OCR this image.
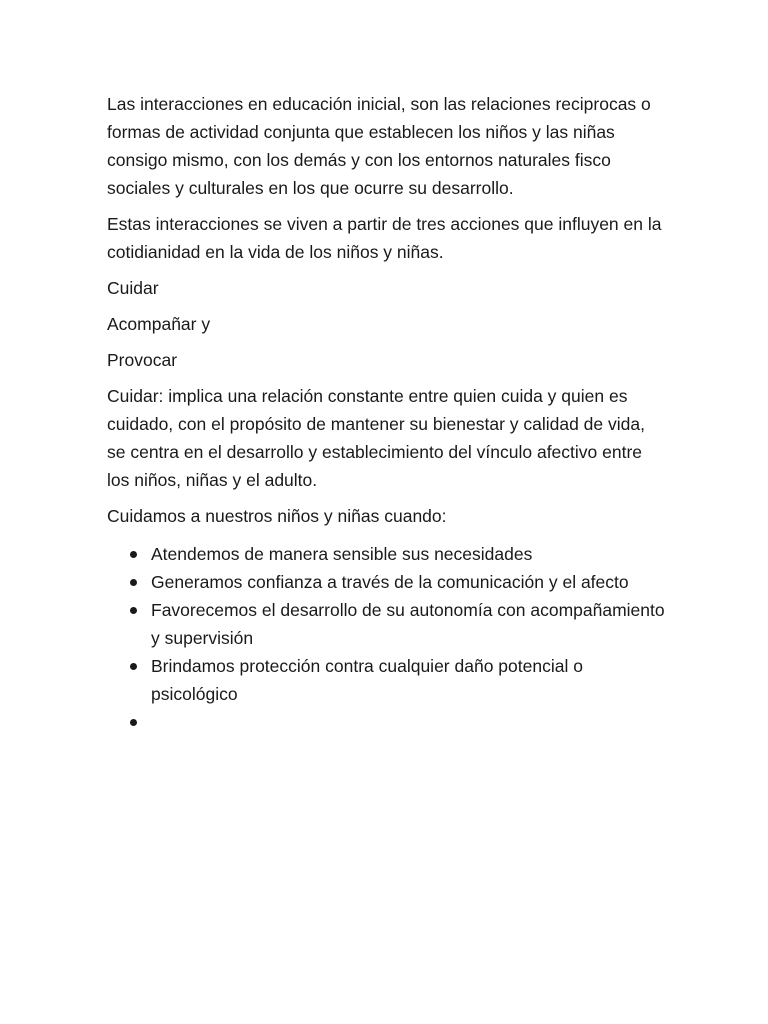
Las interacciones en educación inicial, son las relaciones reciprocas o formas de actividad conjunta que establecen los niños y las niñas consigo mismo, con los demás y con los entornos naturales fisco sociales y culturales en los que ocurre su desarrollo.

Estas interacciones se viven a partir de tres acciones que influyen en la cotidianidad en la vida de los niños y niñas.

Cuidar

Acompañar y

Provocar

Cuidar: implica una relación constante entre quien cuida y quien es cuidado, con el propósito de mantener su bienestar y calidad de vida, se centra en el desarrollo y establecimiento del vínculo afectivo entre los niños, niñas y el adulto.

Cuidamos a nuestros niños y niñas cuando:

Atendemos de manera sensible sus necesidades
Generamos confianza a través de la comunicación y el afecto
Favorecemos el desarrollo de su autonomía con acompañamiento y supervisión
Brindamos protección contra cualquier daño potencial o psicológico
